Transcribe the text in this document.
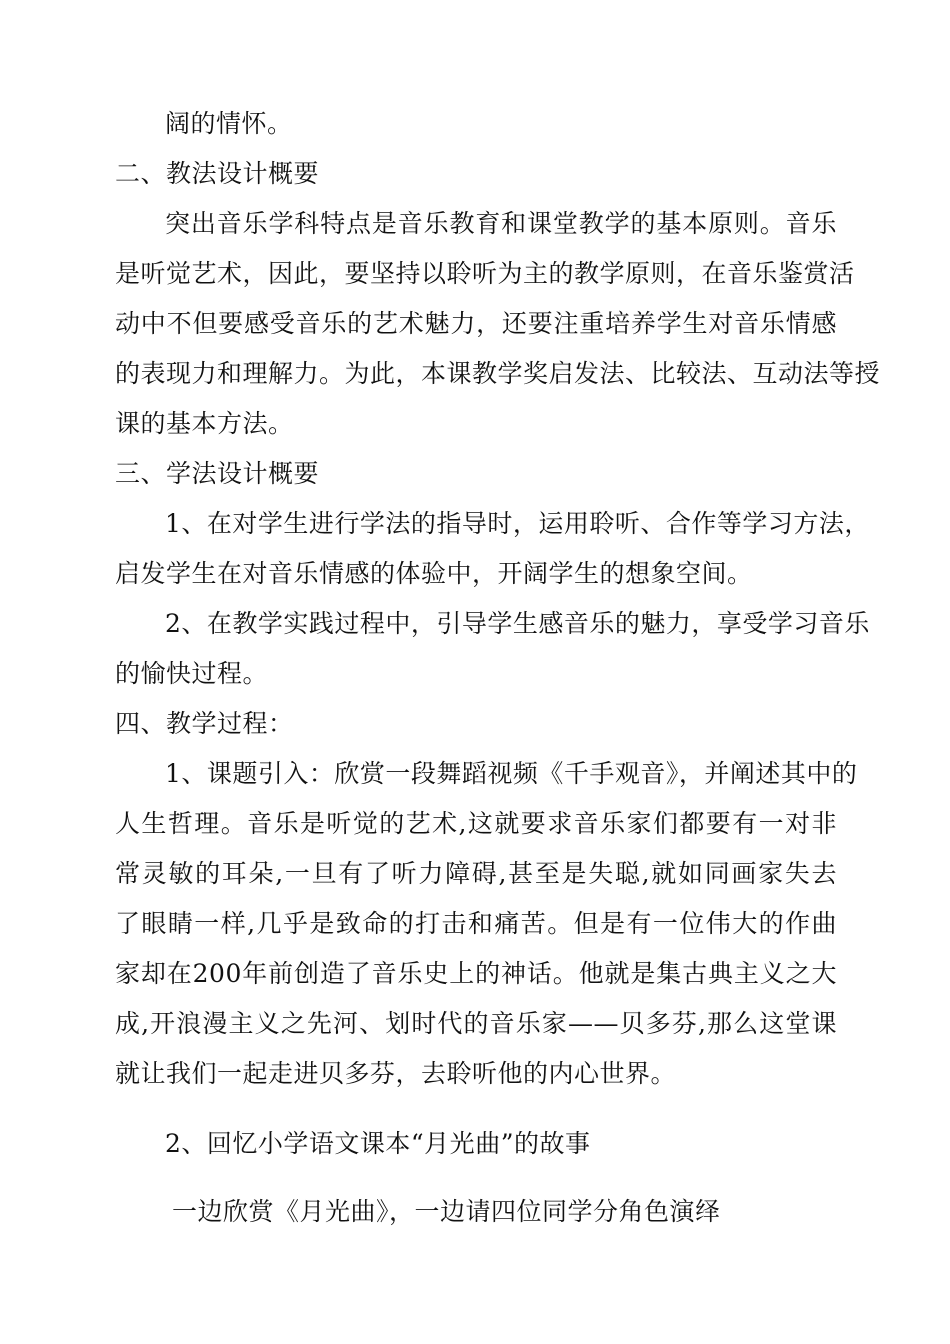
阔的情怀。
二、教法设计概要
突出音乐学科特点是音乐教育和课堂教学的基本原则。音乐
是听觉艺术，因此，要坚持以聆听为主的教学原则，在音乐鉴赏活
动中不但要感受音乐的艺术魅力，还要注重培养学生对音乐情感
的表现力和理解力。为此，本课教学奖启发法、比较法、互动法等授
课的基本方法。
三、学法设计概要
1、在对学生进行学法的指导时，运用聆听、合作等学习方法，
启发学生在对音乐情感的体验中，开阔学生的想象空间。
2、在教学实践过程中，引导学生感音乐的魅力，享受学习音乐
的愉快过程。
四、教学过程：
1、课题引入：欣赏一段舞蹈视频《千手观音》，并阐述其中的
人生哲理。音乐是听觉的艺术,这就要求音乐家们都要有一对非
常灵敏的耳朵,一旦有了听力障碍,甚至是失聪,就如同画家失去
了眼睛一样,几乎是致命的打击和痛苦。但是有一位伟大的作曲
家却在200年前创造了音乐史上的神话。他就是集古典主义之大
成,开浪漫主义之先河、划时代的音乐家——贝多芬,那么这堂课
就让我们一起走进贝多芬，去聆听他的内心世界。
2、回忆小学语文课本“月光曲”的故事
一边欣赏《月光曲》，一边请四位同学分角色演绎
